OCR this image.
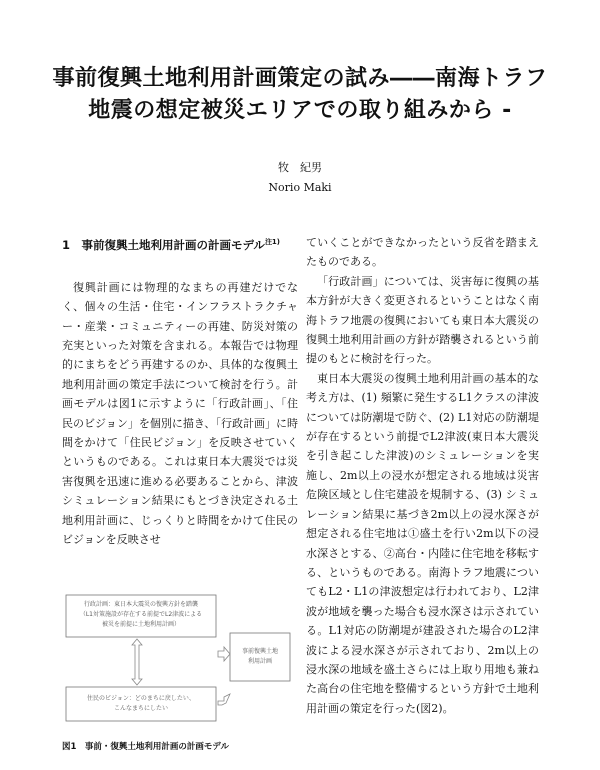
事前復興土地利用計画策定の試み――南海トラフ
地震の想定被災エリアでの取り組みから -
牧　紀男
Norio Maki
1　事前復興土地利用計画の計画モデル$^{注1)}$

復興計画には物理的なまちの再建だけでなく、個々の生活・住宅・インフラストラクチャー・産業・コミュニティーの再建、防災対策の充実といった対策を含まれる。本報告では物理的にまちをどう再建するのか、具体的な復興土地利用計画の策定手法について検討を行う。計画モデルは図1に示すように「行政計画」、「住民のビジョン」を個別に描き、「行政計画」に時間をかけて「住民ビジョン」を反映させていくというものである。これは東日本大震災では災害復興を迅速に進める必要あることから、津波シミュレーション結果にもとづき決定される土地利用計画に、じっくりと時間をかけて住民のビジョンを反映させ

ていくことができなかったという反省を踏まえたものである。

「行政計画」については、災害毎に復興の基本方針が大きく変更されるということはなく南海トラフ地震の復興においても東日本大震災の復興土地利用計画の方針が踏襲されるという前提のもとに検討を行った。

東日本大震災の復興土地利用計画の基本的な考え方は、(1) 頻繁に発生するL1クラスの津波については防潮堤で防ぐ、(2) L1対応の防潮堤が存在するという前提でL2津波(東日本大震災を引き起こした津波)のシミュレーションを実施し、2m以上の浸水が想定される地域は災害危険区域とし住宅建設を規制する、(3) シミュレーション結果に基づき2m以上の浸水深さが想定される住宅地は①盛土を行い2m以下の浸水深さとする、②高台・内陸に住宅地を移転する、というものである。南海トラフ地震についてもL2・L1の津波想定は行われており、L2津波が地域を襲った場合も浸水深さは示されている。L1対応の防潮堤が建設された場合のL2津波による浸水深さが示されており、2m以上の浸水深の地域を盛土さらには上取り用地も兼ねた高台の住宅地を整備するという方針で土地利用計画の策定を行った(図2)。

行政計画：東日本大震災の復興方針を踏襲
（L1対策施設が存在する前提でL2津波による
被災を前提に土地利用計画）
事前復興土地
利用計画
住民のビジョン：どのまちに戻したい、
こんなまちにしたい
図1　事前・復興土地利用計画の計画モデル
